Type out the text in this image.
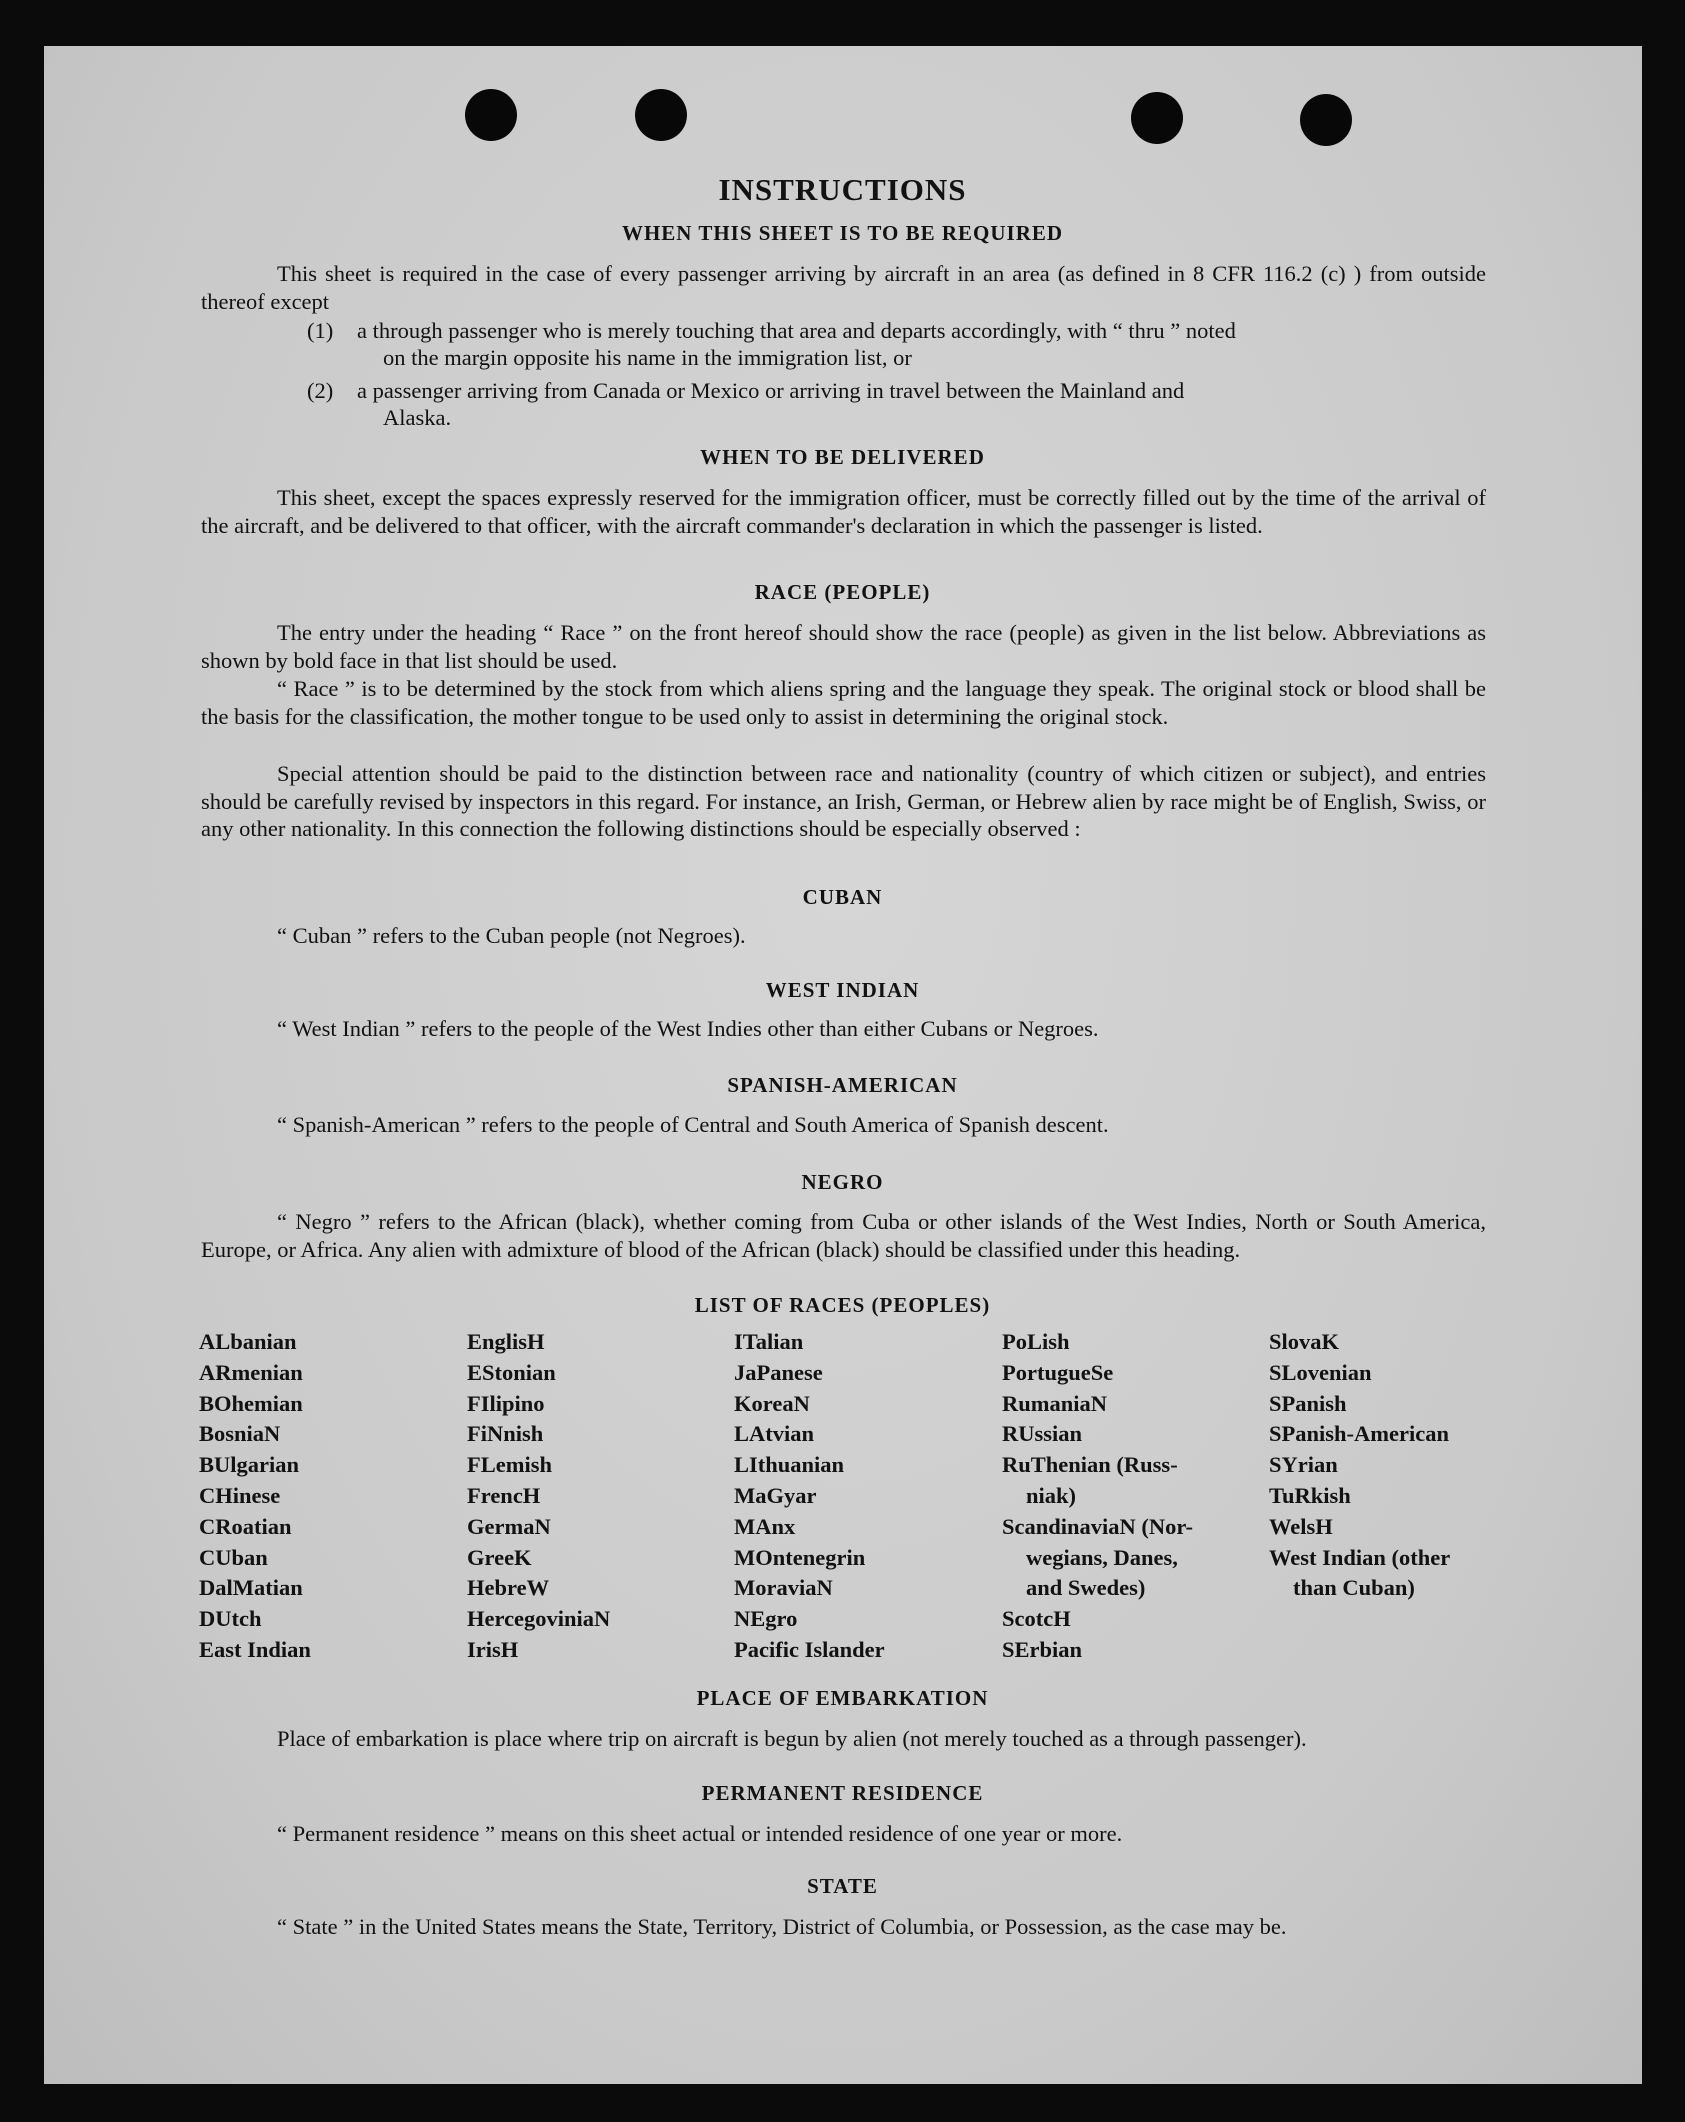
INSTRUCTIONS
WHEN THIS SHEET IS TO BE REQUIRED
This sheet is required in the case of every passenger arriving by aircraft in an area (as defined in 8 CFR 116.2 (c) ) from outside thereof except
(1) a through passenger who is merely touching that area and departs accordingly, with “ thru ” noted
on the margin opposite his name in the immigration list, or
(2) a passenger arriving from Canada or Mexico or arriving in travel between the Mainland and
Alaska.
WHEN TO BE DELIVERED
This sheet, except the spaces expressly reserved for the immigration officer, must be correctly filled out by the time of the arrival of the aircraft, and be delivered to that officer, with the aircraft commander's declaration in which the passenger is listed.
RACE (PEOPLE)
The entry under the heading “ Race ” on the front hereof should show the race (people) as given in the list below. Abbreviations as shown by bold face in that list should be used.
“ Race ” is to be determined by the stock from which aliens spring and the language they speak. The original stock or blood shall be the basis for the classification, the mother tongue to be used only to assist in determining the original stock.
Special attention should be paid to the distinction between race and nationality (country of which citizen or subject), and entries should be carefully revised by inspectors in this regard. For instance, an Irish, German, or Hebrew alien by race might be of English, Swiss, or any other nationality. In this connection the following distinctions should be especially observed :
CUBAN
“ Cuban ” refers to the Cuban people (not Negroes).
WEST INDIAN
“ West Indian ” refers to the people of the West Indies other than either Cubans or Negroes.
SPANISH-AMERICAN
“ Spanish-American ” refers to the people of Central and South America of Spanish descent.
NEGRO
“ Negro ” refers to the African (black), whether coming from Cuba or other islands of the West Indies, North or South America, Europe, or Africa. Any alien with admixture of blood of the African (black) should be classified under this heading.
LIST OF RACES (PEOPLES)
ALbanian
ARmenian
BOhemian
BosniaN
BUlgarian
CHinese
CRoatian
CUban
DalMatian
DUtch
East Indian
EnglisH
EStonian
FIlipino
FiNnish
FLemish
FrencH
GermaN
GreeK
HebreW
HercegoviniaN
IrisH
ITalian
JaPanese
KoreaN
LAtvian
LIthuanian
MaGyar
MAnx
MOntenegrin
MoraviaN
NEgro
Pacific Islander
PoLish
PortugueSe
RumaniaN
RUssian
RuThenian (Russ-
niak)
ScandinaviaN (Nor-
wegians, Danes,
and Swedes)
ScotcH
SErbian
SlovaK
SLovenian
SPanish
SPanish-American
SYrian
TuRkish
WelsH
West Indian (other
than Cuban)
PLACE OF EMBARKATION
Place of embarkation is place where trip on aircraft is begun by alien (not merely touched as a through passenger).
PERMANENT RESIDENCE
“ Permanent residence ” means on this sheet actual or intended residence of one year or more.
STATE
“ State ” in the United States means the State, Territory, District of Columbia, or Possession, as the case may be.
